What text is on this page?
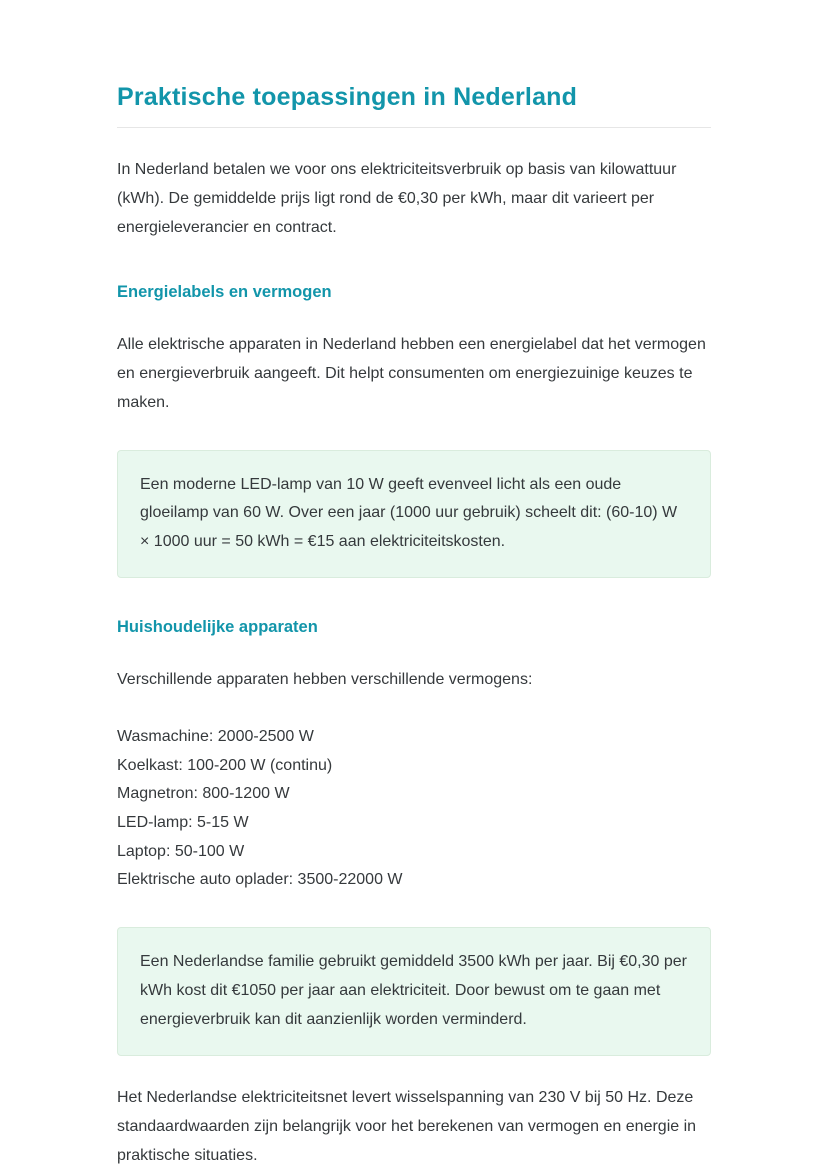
Praktische toepassingen in Nederland

In Nederland betalen we voor ons elektriciteitsverbruik op basis van kilowattuur (kWh). De gemiddelde prijs ligt rond de €0,30 per kWh, maar dit varieert per energieleverancier en contract.

Energielabels en vermogen

Alle elektrische apparaten in Nederland hebben een energielabel dat het vermogen en energieverbruik aangeeft. Dit helpt consumenten om energiezuinige keuzes te maken.

Een moderne LED-lamp van 10 W geeft evenveel licht als een oude gloeilamp van 60 W. Over een jaar (1000 uur gebruik) scheelt dit: (60-10) W × 1000 uur = 50 kWh = €15 aan elektriciteitskosten.
Huishoudelijke apparaten

Verschillende apparaten hebben verschillende vermogens:

Wasmachine: 2000-2500 W
Koelkast: 100-200 W (continu)
Magnetron: 800-1200 W
LED-lamp: 5-15 W
Laptop: 50-100 W
Elektrische auto oplader: 3500-22000 W
Een Nederlandse familie gebruikt gemiddeld 3500 kWh per jaar. Bij €0,30 per kWh kost dit €1050 per jaar aan elektriciteit. Door bewust om te gaan met energieverbruik kan dit aanzienlijk worden verminderd.

Het Nederlandse elektriciteitsnet levert wisselspanning van 230 V bij 50 Hz. Deze standaardwaarden zijn belangrijk voor het berekenen van vermogen en energie in praktische situaties.
